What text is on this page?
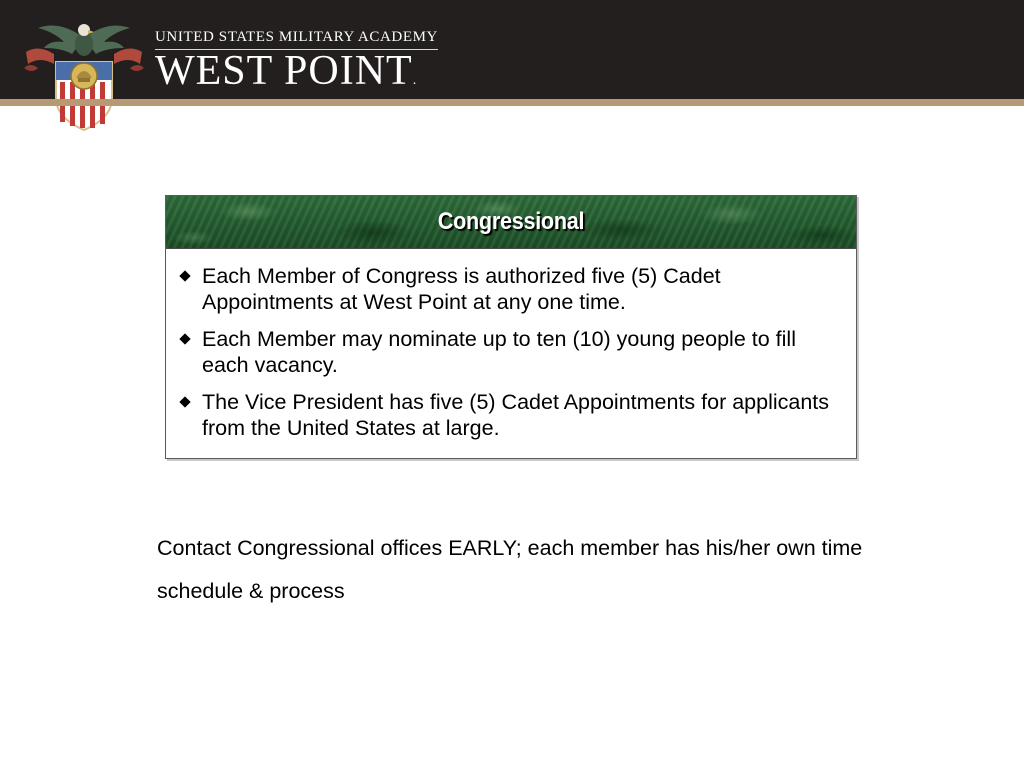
UNITED STATES MILITARY ACADEMY
WEST POINT.
Congressional
Each Member of Congress is authorized five (5) Cadet Appointments at West Point at any one time.
Each Member may nominate up to ten (10) young people to fill each vacancy.
The Vice President has five (5) Cadet Appointments for applicants from the United States at large.
Contact Congressional offices EARLY; each member has his/her own time schedule & process
